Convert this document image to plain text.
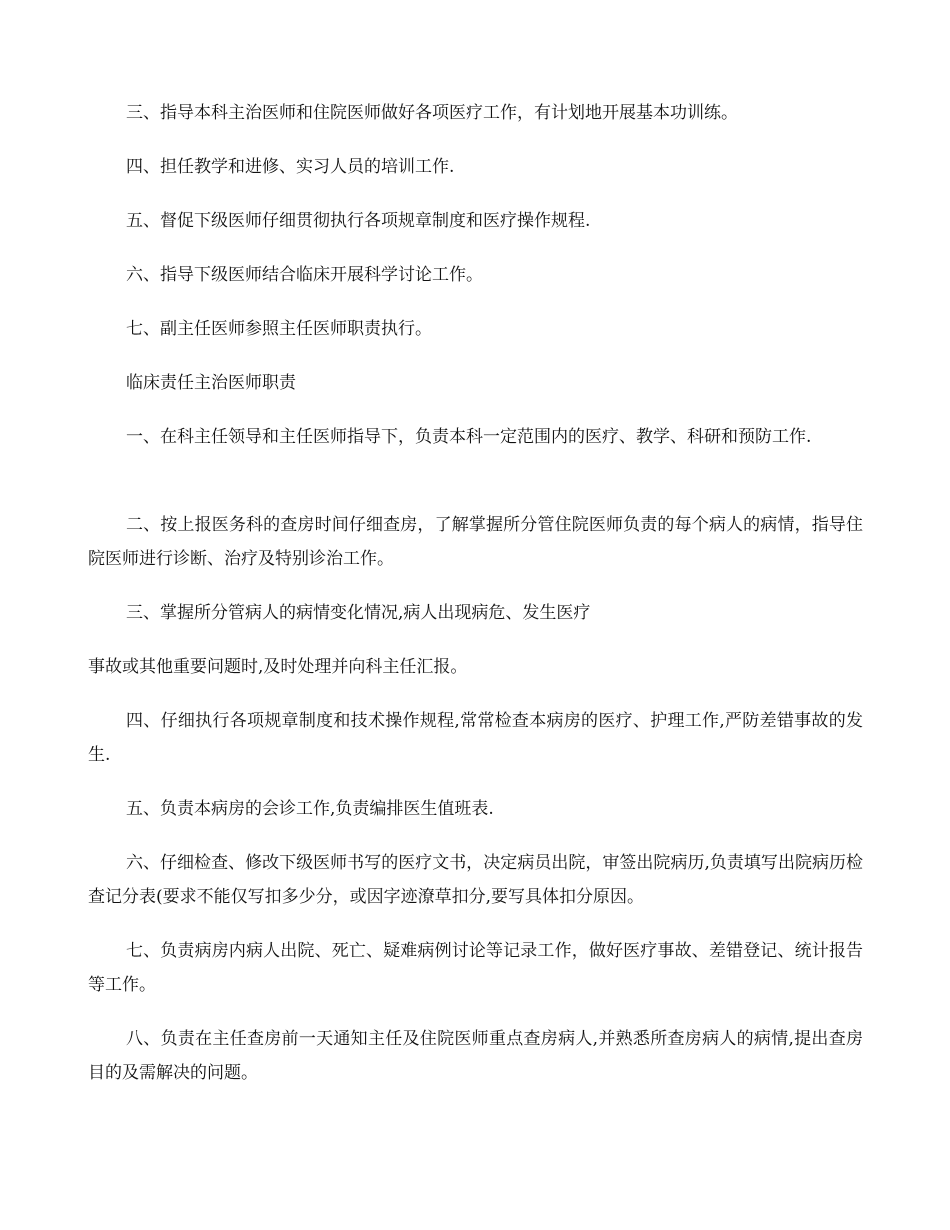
三、指导本科主治医师和住院医师做好各项医疗工作，有计划地开展基本功训练。

四、担任教学和进修、实习人员的培训工作.

五、督促下级医师仔细贯彻执行各项规章制度和医疗操作规程.

六、指导下级医师结合临床开展科学讨论工作。

七、副主任医师参照主任医师职责执行。

临床责任主治医师职责

一、在科主任领导和主任医师指导下，负责本科一定范围内的医疗、教学、科研和预防工作.

二、按上报医务科的查房时间仔细查房，了解掌握所分管住院医师负责的每个病人的病情，指导住院医师进行诊断、治疗及特别诊治工作。

三、掌握所分管病人的病情变化情况,病人出现病危、发生医疗

事故或其他重要问题时,及时处理并向科主任汇报。

四、仔细执行各项规章制度和技术操作规程,常常检查本病房的医疗、护理工作,严防差错事故的发生.

五、负责本病房的会诊工作,负责编排医生值班表.

六、仔细检查、修改下级医师书写的医疗文书，决定病员出院，审签出院病历,负责填写出院病历检查记分表(要求不能仅写扣多少分，或因字迹潦草扣分,要写具体扣分原因。

七、负责病房内病人出院、死亡、疑难病例讨论等记录工作，做好医疗事故、差错登记、统计报告等工作。

八、负责在主任查房前一天通知主任及住院医师重点查房病人,并熟悉所查房病人的病情,提出查房目的及需解决的问题。
